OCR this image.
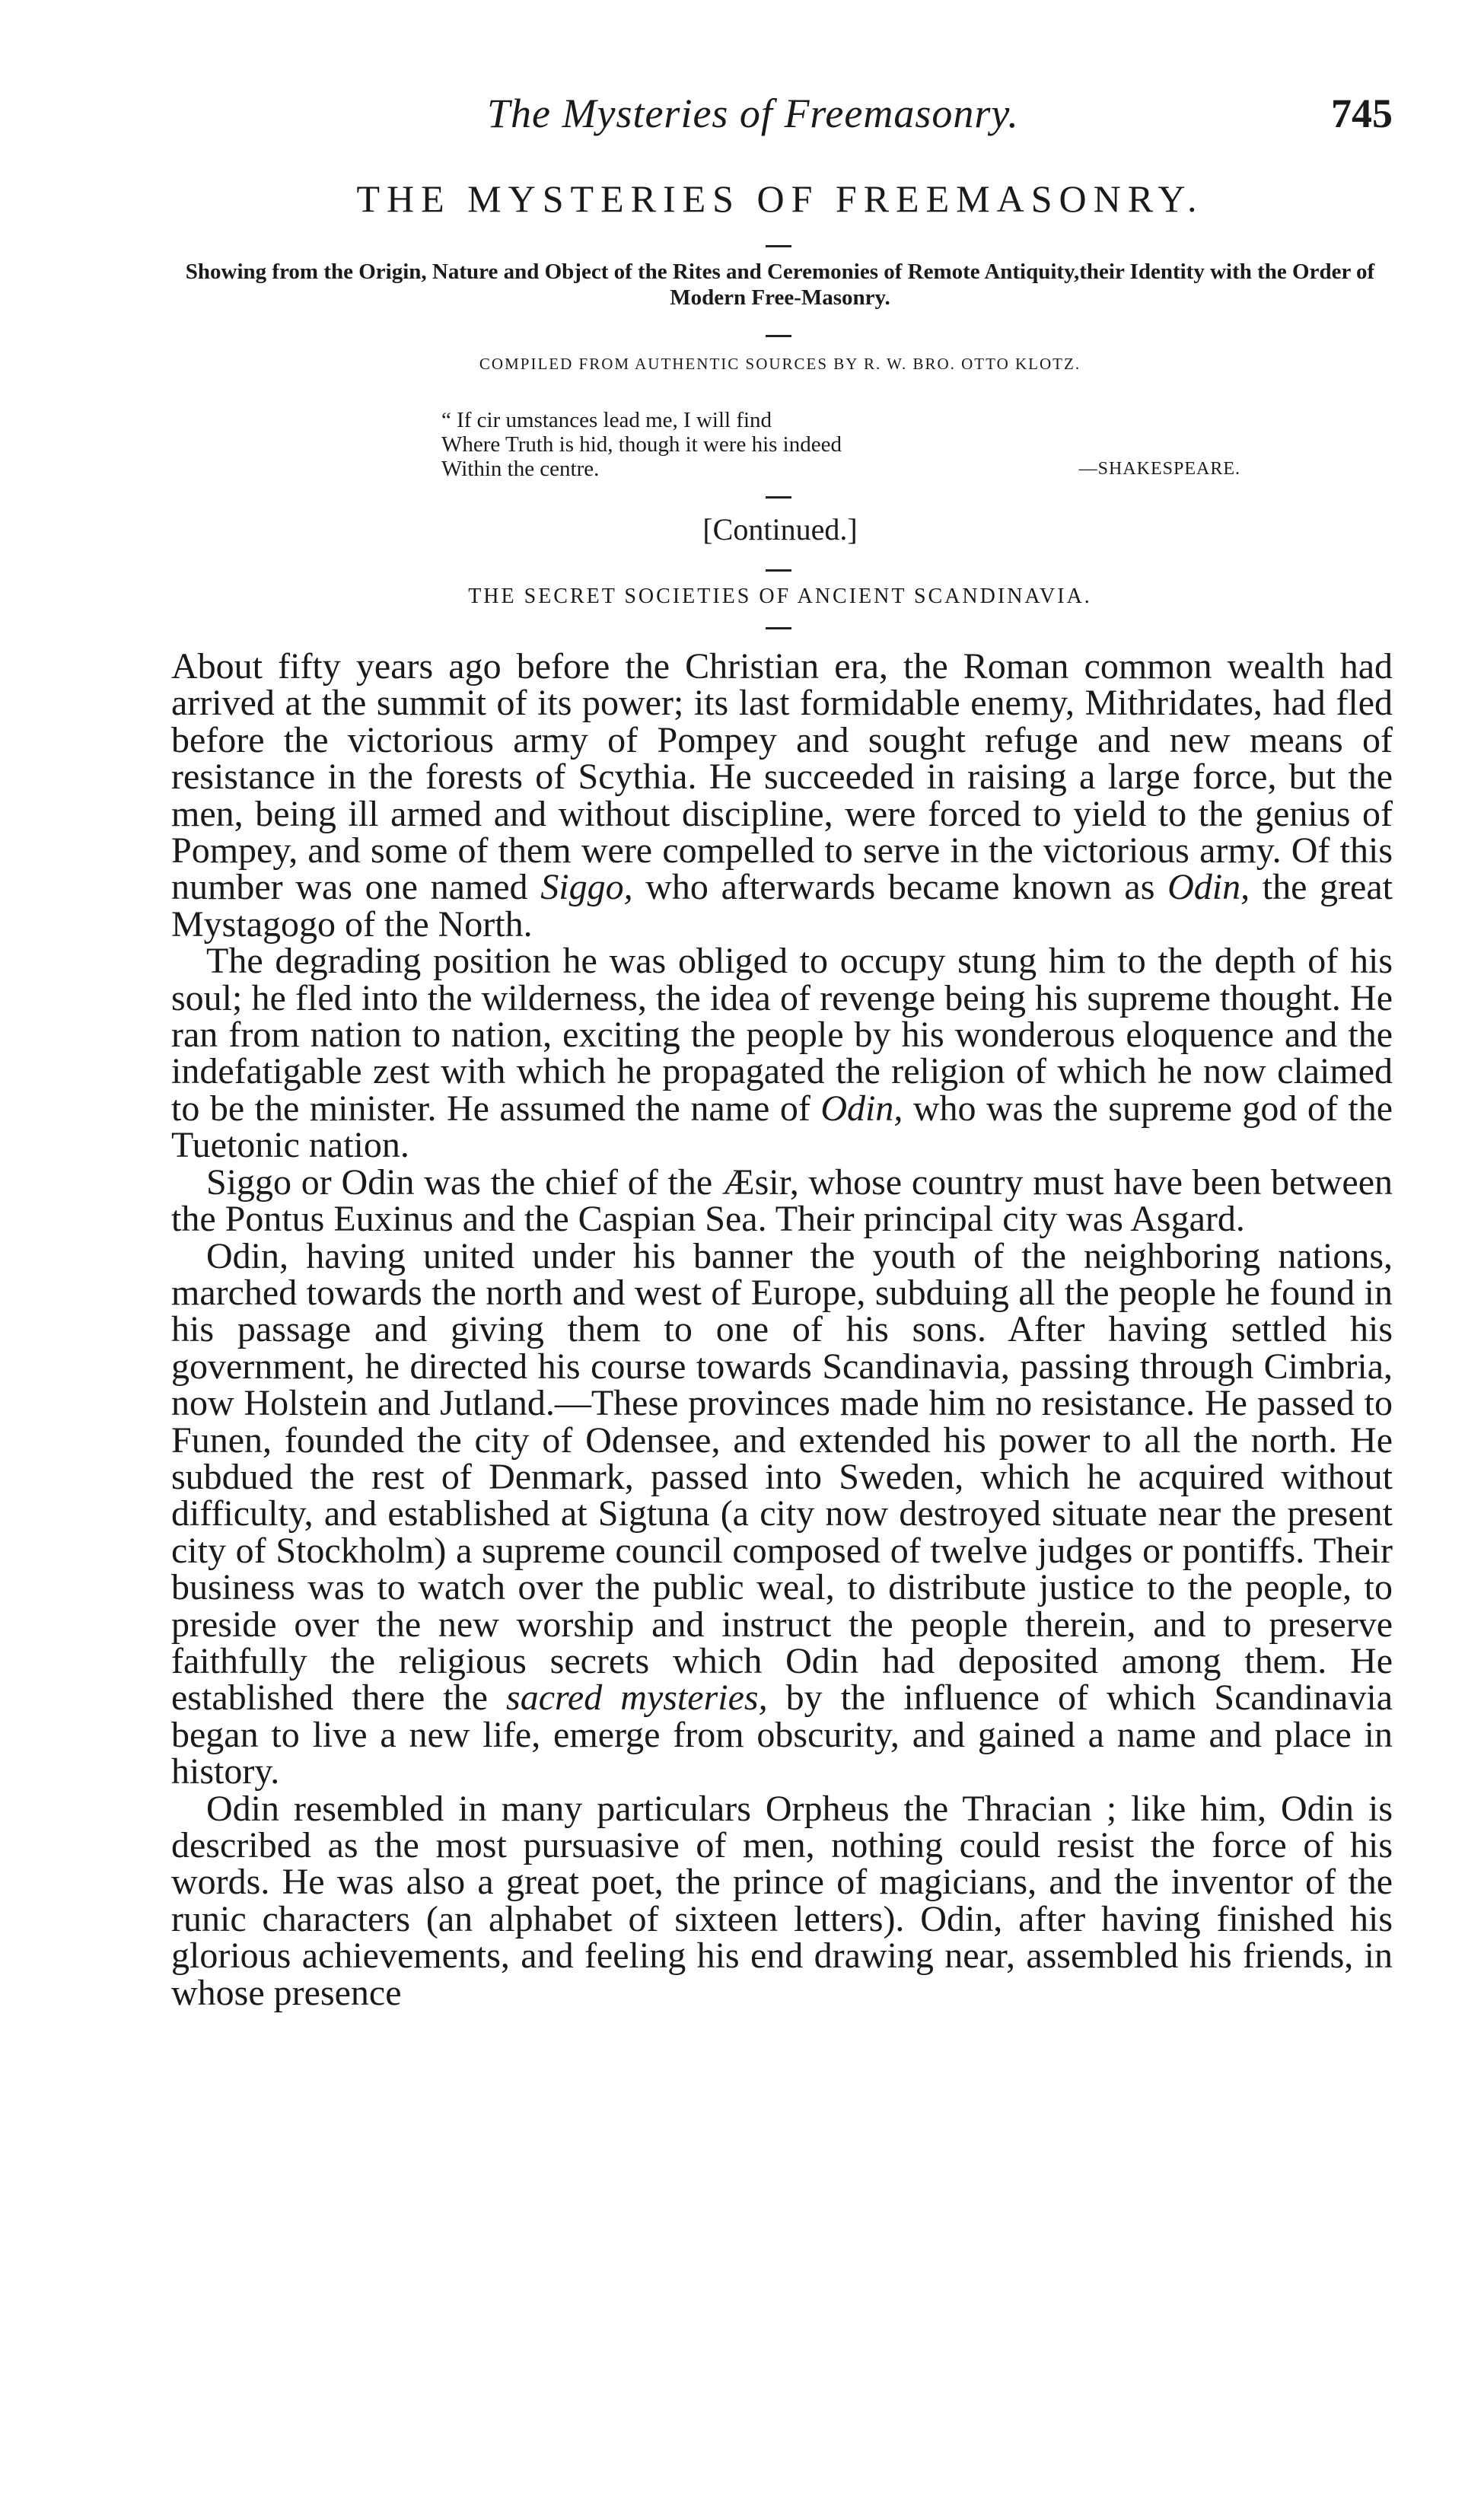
The Mysteries of Freemasonry.	745
THE MYSTERIES OF FREEMASONRY.
Showing from the Origin, Nature and Object of the Rites and Ceremonies of Remote Antiquity,their Identity with the Order of Modern Free-Masonry.
COMPILED FROM AUTHENTIC SOURCES BY R. W. BRO. OTTO KLOTZ.
“ If cir umstances lead me, I will find
Where Truth is hid, though it were his indeed
Within the centre.	—SHAKESPEARE.
[Continued.]
THE SECRET SOCIETIES OF ANCIENT SCANDINAVIA.

About fifty years ago before the Christian era, the Roman common wealth had arrived at the summit of its power; its last formidable enemy, Mithridates, had fled before the victorious army of Pompey and sought refuge and new means of resistance in the forests of Scythia. He succeeded in raising a large force, but the men, being ill armed and without discipline, were forced to yield to the genius of Pompey, and some of them were compelled to serve in the victorious army. Of this number was one named Siggo, who afterwards became known as Odin, the great Mystagogo of the North.

The degrading position he was obliged to occupy stung him to the depth of his soul; he fled into the wilderness, the idea of revenge being his supreme thought. He ran from nation to nation, exciting the people by his wonderous eloquence and the indefatigable zest with which he propagated the religion of which he now claimed to be the minister. He assumed the name of Odin, who was the supreme god of the Tuetonic nation.

Siggo or Odin was the chief of the Æsir, whose country must have been between the Pontus Euxinus and the Caspian Sea. Their principal city was Asgard.

Odin, having united under his banner the youth of the neighboring nations, marched towards the north and west of Europe, subduing all the people he found in his passage and giving them to one of his sons. After having settled his government, he directed his course towards Scandinavia, passing through Cimbria, now Holstein and Jutland.—These provinces made him no resistance. He passed to Funen, founded the city of Odensee, and extended his power to all the north. He subdued the rest of Denmark, passed into Sweden, which he acquired without difficulty, and established at Sigtuna (a city now destroyed situate near the present city of Stockholm) a supreme council composed of twelve judges or pontiffs. Their business was to watch over the public weal, to distribute justice to the people, to preside over the new worship and instruct the people therein, and to preserve faithfully the religious secrets which Odin had deposited among them. He established there the sacred mysteries, by the influence of which Scandinavia began to live a new life, emerge from obscurity, and gained a name and place in history.

Odin resembled in many particulars Orpheus the Thracian ; like him, Odin is described as the most pursuasive of men, nothing could resist the force of his words. He was also a great poet, the prince of magicians, and the inventor of the runic characters (an alphabet of sixteen letters). Odin, after having finished his glorious achievements, and feeling his end drawing near, assembled his friends, in whose presence
